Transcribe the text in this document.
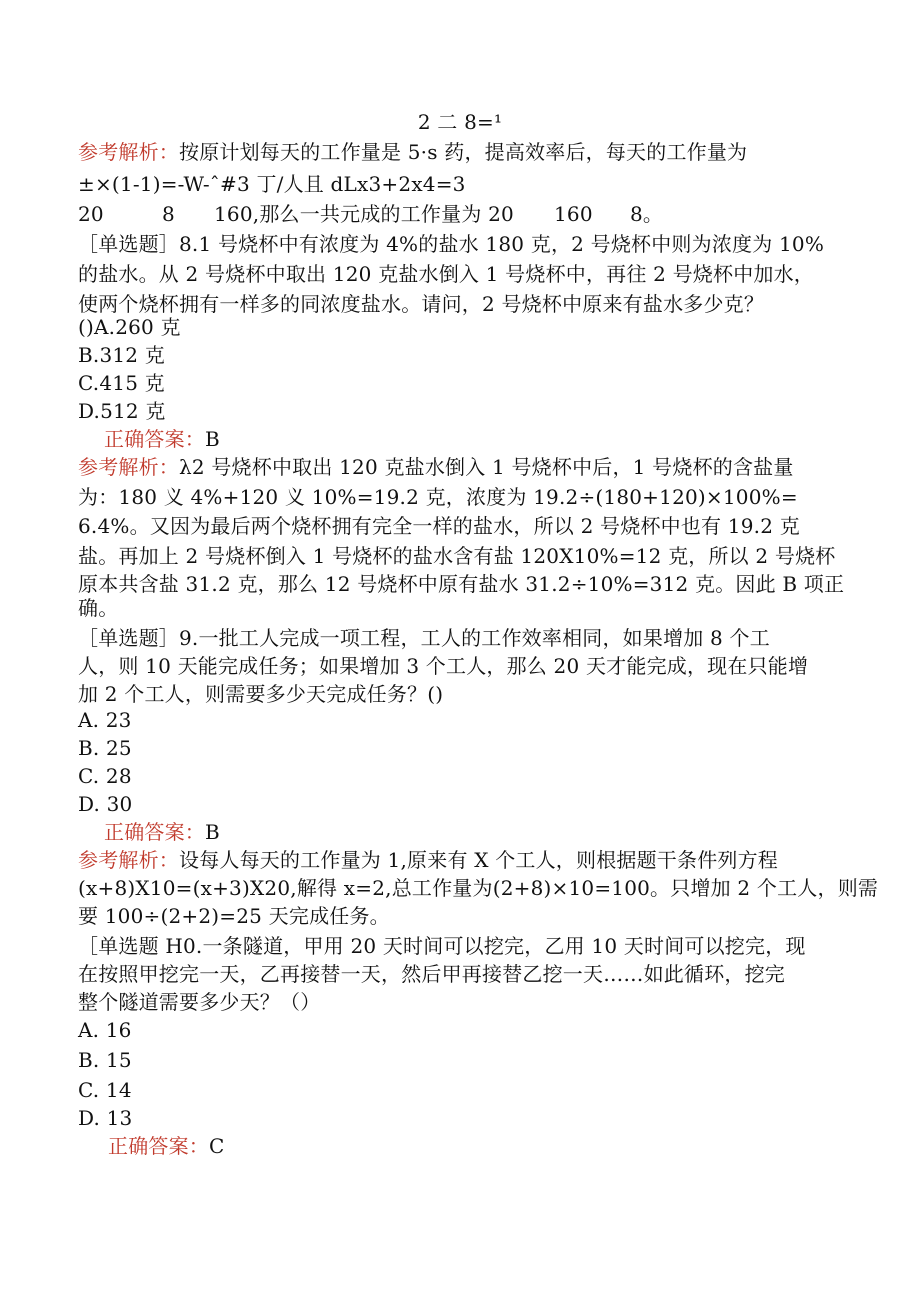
2 二 8=¹
参考解析：按原计划每天的工作量是 5·s 药，提高效率后，每天的工作量为
±×(1-1)=-W-ˆ#3 丁/人且 dLx3+2x4=3
20	8 160,那么一共元成的工作量为 20 160 8。
［单选题］8.1 号烧杯中有浓度为 4%的盐水 180 克，2 号烧杯中则为浓度为 10%
的盐水。从 2 号烧杯中取出 120 克盐水倒入 1 号烧杯中，再往 2 号烧杯中加水，
使两个烧杯拥有一样多的同浓度盐水。请问，2 号烧杯中原来有盐水多少克？
()A.260 克
B.312 克
C.415 克
D.512 克
正确答案：B
参考解析：λ2 号烧杯中取出 120 克盐水倒入 1 号烧杯中后，1 号烧杯的含盐量
为：180 义 4%+120 义 10%=19.2 克，浓度为 19.2÷(180+120)×100%=
6.4%。又因为最后两个烧杯拥有完全一样的盐水，所以 2 号烧杯中也有 19.2 克
盐。再加上 2 号烧杯倒入 1 号烧杯的盐水含有盐 120X10%=12 克，所以 2 号烧杯
原本共含盐 31.2 克，那么 12 号烧杯中原有盐水 31.2÷10%=312 克。因此 B 项正
确。
［单选题］9.一批工人完成一项工程，工人的工作效率相同，如果增加 8 个工
人，则 10 天能完成任务；如果增加 3 个工人，那么 20 天才能完成，现在只能增
加 2 个工人，则需要多少天完成任务？()
A. 23
B. 25
C. 28
D. 30
正确答案：B
参考解析：设每人每天的工作量为 1,原来有 X 个工人，则根据题干条件列方程
(x+8)X10=(x+3)X20,解得 x=2,总工作量为(2+8)×10=100。只增加 2 个工人，则需
要 100÷(2+2)=25 天完成任务。
［单选题 H0.一条隧道，甲用 20 天时间可以挖完，乙用 10 天时间可以挖完，现
在按照甲挖完一天，乙再接替一天，然后甲再接替乙挖一天……如此循环，挖完
整个隧道需要多少天？（）
A. 16
B. 15
C. 14
D. 13
正确答案：C
